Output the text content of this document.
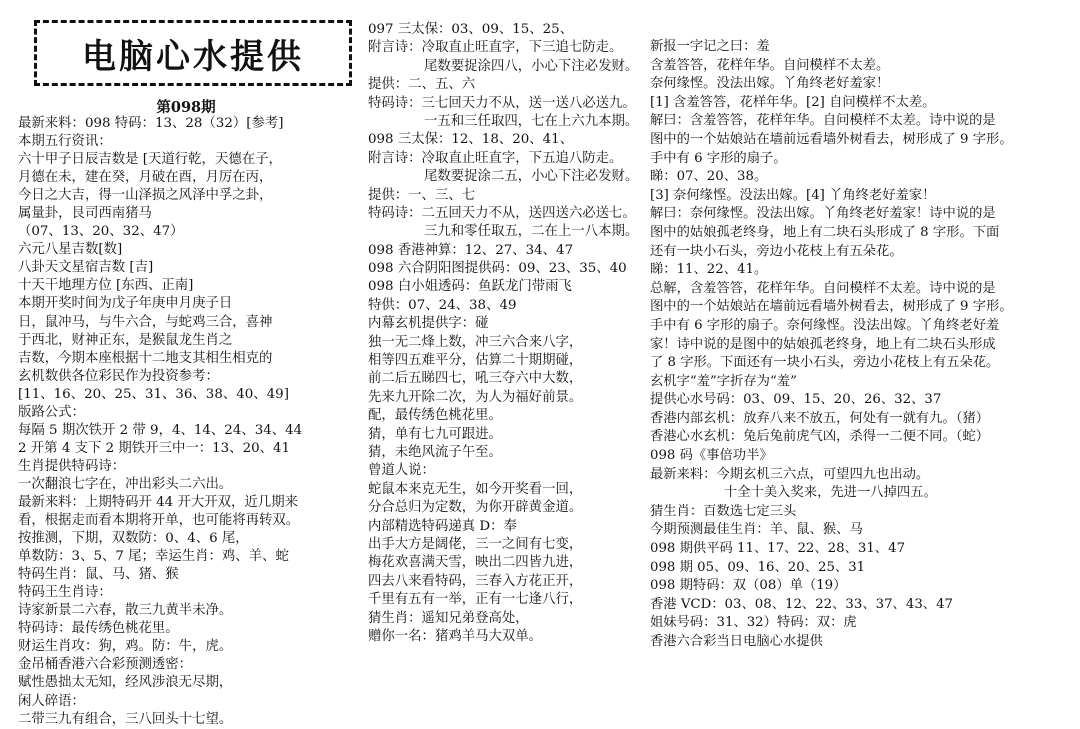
电脑心水提供
第098期
最新来料：098 特码：13、28（32）[参考]
本期五行资讯：
六十甲子日辰吉数是 [天道行乾，天德在子，
月德在未，建在癸，月破在酉，月厉在丙，
今日之大吉，得一山泽损之风泽中孚之卦，
属量卦，艮司西南猪马
（07、13、20、32、47）
六元八星吉数[数]
八卦天文星宿吉数 [吉]
十天干地理方位 [东西、正南]
本期开奖时间为戊子年庚申月庚子日
日，鼠冲马，与牛六合，与蛇鸡三合，喜神
于西北，财神正东，是猴鼠龙生肖之
吉数，今期本座根据十二地支其相生相克的
玄机数供各位彩民作为投资参考：
[11、16、20、25、31、36、38、40、49]
版路公式：
每隔 5 期次铁开 2 带 9，4、14、24、34、44
2 开第 4 支下 2 期铁开三中一：13、20、41
生肖提供特码诗：
一次翻浪七字在，冲出彩头二六出。
最新来料：上期特码开 44 开大开双，近几期来
看，根据走而看本期将开单，也可能将再转双。
按推测，下期，双数防：0、4、6 尾，
单数防：3、5、7 尾；幸运生肖：鸡、羊、蛇
特码生肖：鼠、马、猪、猴
特码王生肖诗：
诗家新景二六春，散三九黄半未净。
特码诗：最传绣色桃花里。
财运生肖攻：狗，鸡。防：牛，虎。
金吊桶香港六合彩预测透密：
赋性愚拙太无知，经风涉浪无尽期，
闲人碎语：
二带三九有组合，三八回头十七望。
097 三太保：03、09、15、25、
附言诗：冷取直止旺直字，下三追七防走。
尾数要捉涂四八，小心下注必发财。
提供：二、五、六
特码诗：三七回天力不从，送一送八必送九。
一五和三任取四，七在上六九本期。
098 三太保：12、18、20、41、
附言诗：冷取直止旺直字，下五追八防走。
尾数要捉涂二五，小心下注必发财。
提供：一、三、七
特码诗：二五回天力不从，送四送六必送七。
三九和零任取五，二在上一八本期。
098 香港神算：12、27、34、47
098 六合阴阳图提供码：09、23、35、40
098 白小姐透码：鱼跃龙门带雨飞
特供：07、24、38、49
内幕玄机提供字：碰
独一无二烽上数，冲三六合来八字，
相等四五难平分，估算二十期期碰，
前二后五睇四七，吼三夺六中大数，
先来九开除二次，为人为福好前景。
配，最传绣色桃花里。
猜，单有七九可跟进。
猜，未绝风流子午至。
曾道人说：
蛇鼠本来克无生，如今开奖看一回，
分合总归为定数，为你开辟黄金道。
内部精选特码递真 D：奉
出手大方是阔佬，三一之间有七变，
梅花欢喜满天雪，映出二四皆九进，
四去八来看特码，三春入方花正开，
千里有五有一举，正有一七逢八行，
猜生肖：遥知兄弟登高处，
赠你一名：猪鸡羊马大双单。
新报一字记之曰：羞
含羞答答，花样年华。自问模样不太差。
奈何缘悭。没法出嫁。丫角终老好羞家！
[1] 含羞答答，花样年华。[2] 自问模样不太差。
解曰：含羞答答，花样年华。自问模样不太差。诗中说的是
图中的一个姑娘站在墙前远看墙外树看去，树形成了 9 字形。
手中有 6 字形的扇子。
睇：07、20、38。
[3] 奈何缘悭。没法出嫁。[4] 丫角终老好羞家！
解曰：奈何缘悭。没法出嫁。丫角终老好羞家！诗中说的是
图中的姑娘孤老终身，地上有二块石头形成了 8 字形。下面
还有一块小石头，旁边小花枝上有五朵花。
睇：11、22、41。
总解，含羞答答，花样年华。自问模样不太差。诗中说的是
图中的一个姑娘站在墙前远看墙外树看去，树形成了 9 字形。
手中有 6 字形的扇子。奈何缘悭。没法出嫁。丫角终老好羞
家！诗中说的是图中的姑娘孤老终身，地上有二块石头形成
了 8 字形。下面还有一块小石头，旁边小花枝上有五朵花。
玄机字“羞”字折存为“羞”
提供心水号码：03、09、15、20、26、32、37
香港内部玄机：放弃八来不放五，何处有一就有九。（猪）
香港心水玄机：兔后兔前虎气凶，杀得一二便不同。（蛇）
098 码《事倍功半》
最新来料：今期玄机三六点，可望四九也出动。
十全十美入奖来，先进一八掉四五。
猜生肖：百数选七定三头
今期预测最佳生肖：羊、鼠、猴、马
098 期供平码 11、17、22、28、31、47
098 期 05、09、16、20、25、31
098 期特码：双（08）单（19）
香港 VCD：03、08、12、22、33、37、43、47
姐妹号码：31、32）特码：双：虎
香港六合彩当日电脑心水提供
